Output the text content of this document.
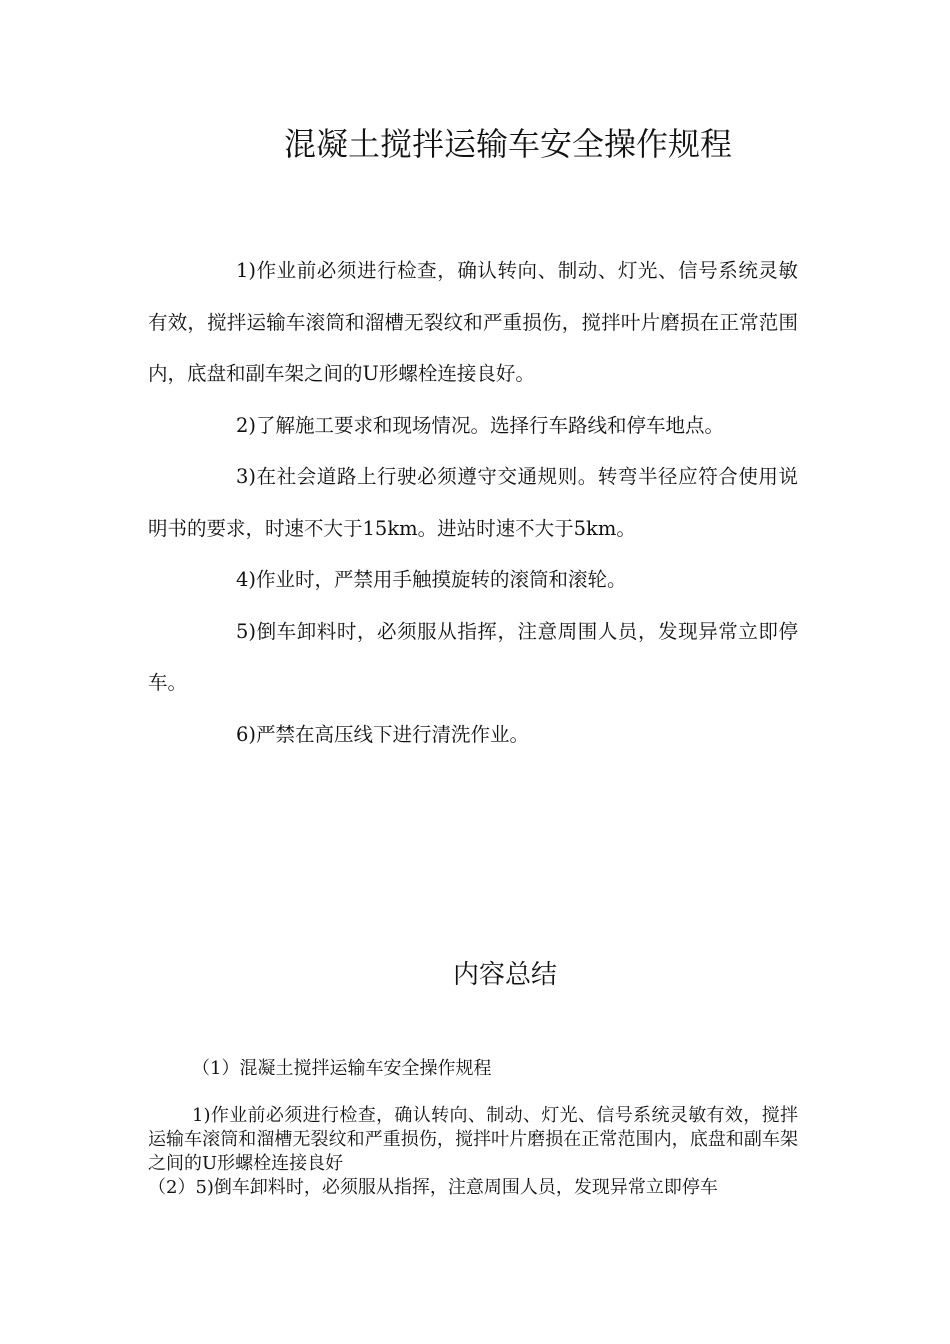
混凝土搅拌运输车安全操作规程

1)作业前必须进行检查，确认转向、制动、灯光、信号系统灵敏有效，搅拌运输车滚筒和溜槽无裂纹和严重损伤，搅拌叶片磨损在正常范围内，底盘和副车架之间的U形螺栓连接良好。

2)了解施工要求和现场情况。选择行车路线和停车地点。

3)在社会道路上行驶必须遵守交通规则。转弯半径应符合使用说明书的要求，时速不大于15km。进站时速不大于5km。

4)作业时，严禁用手触摸旋转的滚筒和滚轮。

5)倒车卸料时，必须服从指挥，注意周围人员，发现异常立即停车。

6)严禁在高压线下进行清洗作业。

内容总结
（1）混凝土搅拌运输车安全操作规程

1)作业前必须进行检查，确认转向、制动、灯光、信号系统灵敏有效，搅拌运输车滚筒和溜槽无裂纹和严重损伤，搅拌叶片磨损在正常范围内，底盘和副车架之间的U形螺栓连接良好

（2）5)倒车卸料时，必须服从指挥，注意周围人员，发现异常立即停车
